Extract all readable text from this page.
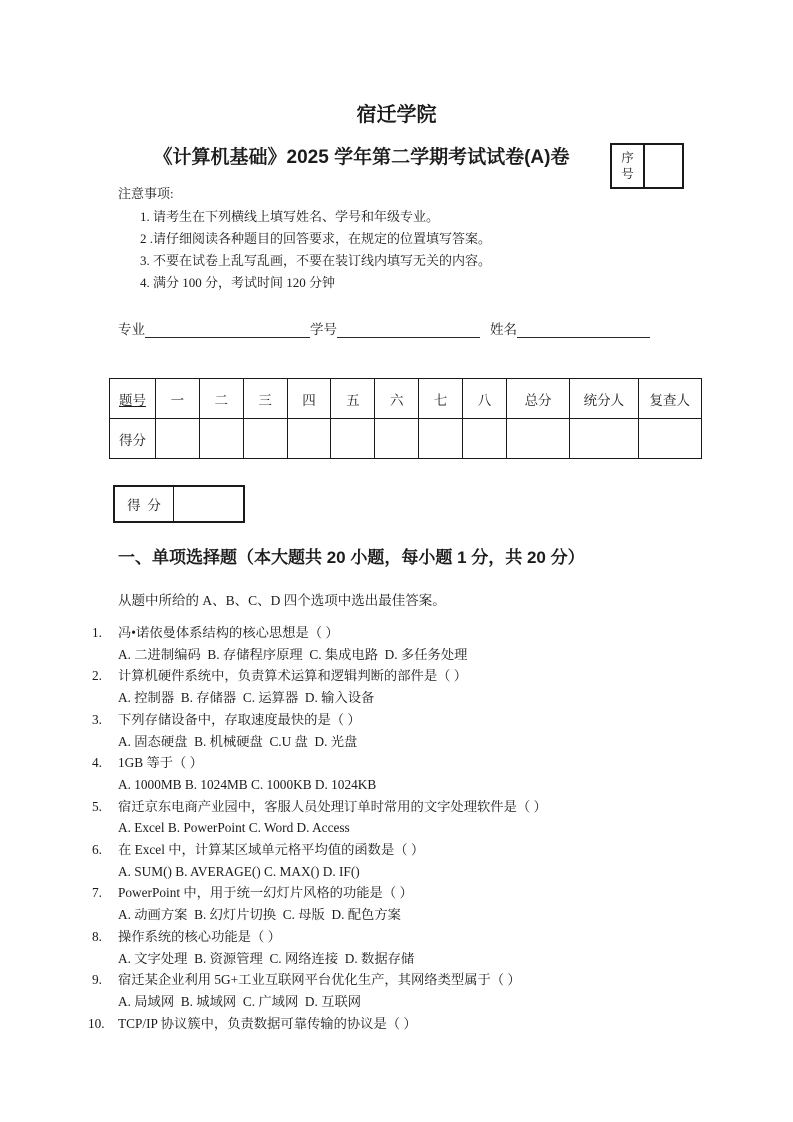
宿迁学院
《计算机基础》2025 学年第二学期考试试卷(A)卷	序
号
注意事项:
1. 请考生在下列横线上填写姓名、学号和年级专业。
2 .请仔细阅读各种题目的回答要求，在规定的位置填写答案。
3. 不要在试卷上乱写乱画，不要在装订线内填写无关的内容。
4. 满分 100 分，考试时间 120 分钟
专业	学号	姓名
题号	一	二	三	四	五	六	七	八	总分	统分人	复查人
得分											
得  分
一、单项选择题（本大题共 20 小题，每小题 1 分，共 20 分）
从题中所给的 A、B、C、D 四个选项中选出最佳答案。
1.	冯•诺依曼体系结构的核心思想是（ ）
A. 二进制编码  B. 存储程序原理  C. 集成电路  D. 多任务处理
2.	计算机硬件系统中，负责算术运算和逻辑判断的部件是（ ）
A. 控制器  B. 存储器  C. 运算器  D. 输入设备
3.	下列存储设备中，存取速度最快的是（ ）
A. 固态硬盘  B. 机械硬盘  C.U 盘  D. 光盘
4.	1GB 等于（ ）
A. 1000MB B. 1024MB C. 1000KB D. 1024KB
5.	宿迁京东电商产业园中，客服人员处理订单时常用的文字处理软件是（ ）
A. Excel B. PowerPoint C. Word D. Access
6.	在 Excel 中，计算某区域单元格平均值的函数是（ ）
A. SUM() B. AVERAGE() C. MAX() D. IF()
7.	PowerPoint 中，用于统一幻灯片风格的功能是（ ）
A. 动画方案  B. 幻灯片切换  C. 母版  D. 配色方案
8.	操作系统的核心功能是（ ）
A. 文字处理  B. 资源管理  C. 网络连接  D. 数据存储
9.	宿迁某企业利用 5G+工业互联网平台优化生产，其网络类型属于（ ）
A. 局域网  B. 城域网  C. 广域网  D. 互联网
10.	TCP/IP 协议簇中，负责数据可靠传输的协议是（ ）
